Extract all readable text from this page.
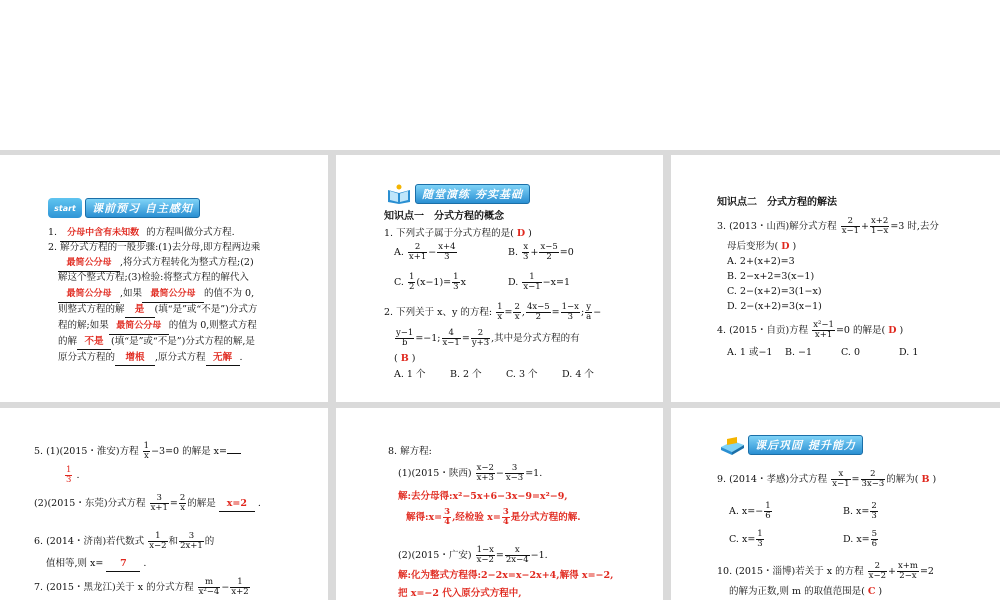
start	课前预习 自主感知
1. 分母中含有未知数 的方程叫做分式方程.
2. 解分式方程的一般步骤:(1)去分母,即方程两边乘
最简公分母 ,将分式方程转化为整式方程;(2)
解这个整式方程;(3)检验:将整式方程的解代入
最简公分母 ,如果 最简公分母 的值不为 0,
则整式方程的解 是 (填“是”或“不是”)分式方
程的解;如果 最简公分母 的值为 0,则整式方程
的解 不是 (填“是”或“不是”)分式方程的解,是
原分式方程的 增根 ,原分式方程 无解 .
随堂演练 夯实基础
知识点一　分式方程的概念
1. 下列式子属于分式方程的是( D )
A. $\frac{2}{x+1} - \frac{x+4}{3}$	B. $\frac{x}{3} + \frac{x-5}{2} =0$
C. $\frac{1}{2} (x-1)= \frac{1}{3}$ x	D. $\frac{1}{x-1} -x=1$
2. 下列关于 x、y 的方程: $\frac{1}{x} = \frac{2}{x}$ , $\frac{4x-5}{2} = \frac{1-x}{3}$ ; $\frac{y}{a}$ −
$\frac{y-1}{b} =-1$; $\frac{4}{x-1} = \frac{2}{y+3}$ ,其中是分式方程的有
( B )
A. 1 个	B. 2 个	C. 3 个	D. 4 个
知识点二　分式方程的解法
3. (2013・山西)解分式方程 $\frac{2}{x-1} + \frac{x+2}{1-x} =3$ 时,去分
母后变形为( D )
A. 2+(x+2)=3
B. 2−x+2=3(x−1)
C. 2−(x+2)=3(1−x)
D. 2−(x+2)=3(x−1)
4. (2015・自贡)方程 $\frac{\text{x²−1}}{x+1} =0$ 的解是( D )
A. 1 或−1 B. −1	C. 0	D. 1
5. (1)(2015・淮安)方程 $\frac{1}{x} -3=0$ 的解是 x=
$\frac{1}{3}$ .
(2)(2015・东莞)分式方程 $\frac{3}{x+1} = \frac{2}{x}$ 的解是 x=2 .
6. (2014・济南)若代数式 $\frac{1}{x-2}$ 和 $\frac{3}{2x+1}$ 的
值相等,则 x= 7 .
7. (2015・黑龙江)关于 x 的分式方程 $\frac{m}{\text{x²−4}} - \frac{1}{x+2}$
8. 解方程:
(1)(2015・陕西) $\frac{x-2}{x+3} - \frac{3}{x-3} =1$.
解:去分母得:x²−5x+6−3x−9=x²−9,
解得:x= $\frac{3}{4}$ ,经检验 $x= \frac{3}{4}$ 是分式方程的解.
(2)(2015・广安) $\frac{1-x}{x-2} = \frac{x}{2x-4} -1$.
解:化为整式方程得:2−2x=x−2x+4,解得 x=−2,
把 x=−2 代入原分式方程中,
课后巩固 提升能力
9. (2014・孝感)分式方程 $\frac{x}{x-1} = \frac{2}{3x-3}$ 的解为( B )
A. $x=- \frac{1}{6}$	B. $x= \frac{2}{3}$
C. $x= \frac{1}{3}$	D. $x= \frac{5}{6}$
10. (2015・淄博)若关于 x 的方程 $\frac{2}{x-2} + \frac{x+m}{2-x} =2$
的解为正数,则 m 的取值范围是( C )
